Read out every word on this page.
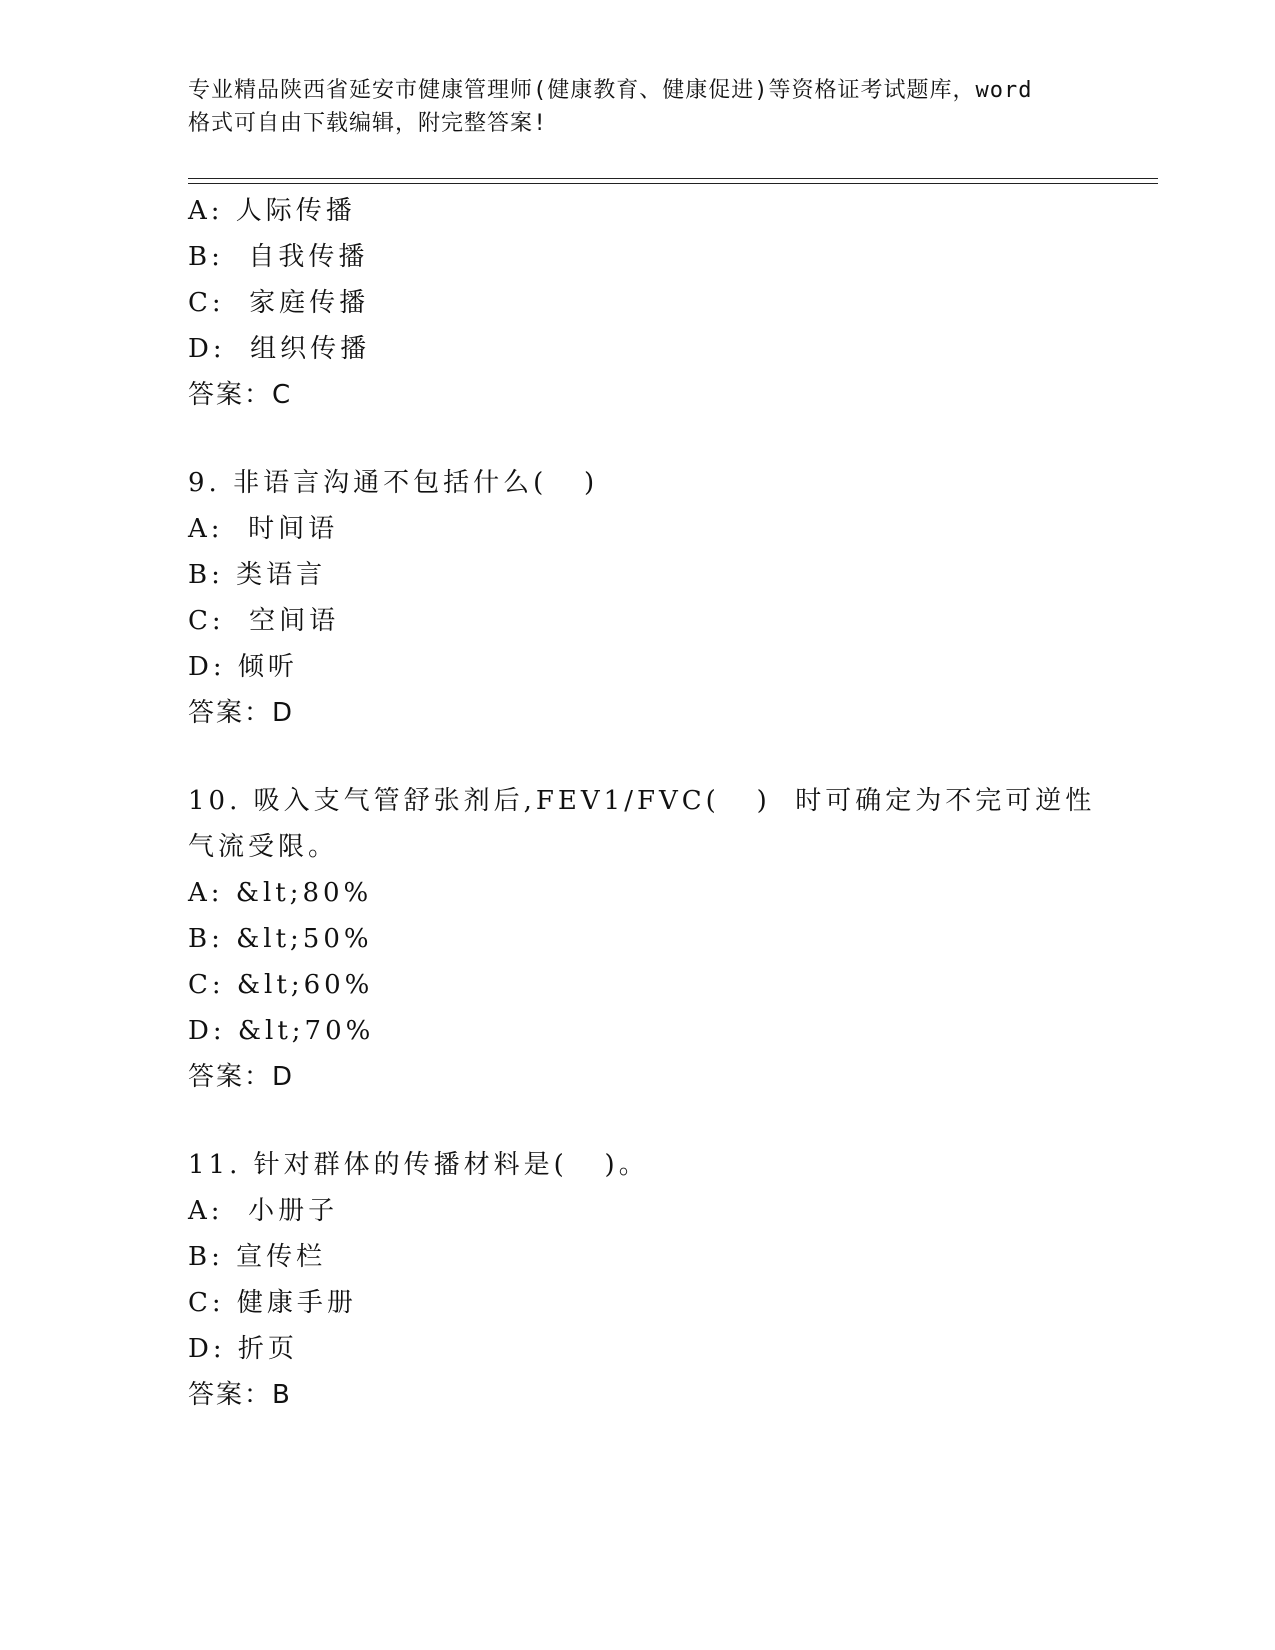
专业精品陕西省延安市健康管理师(健康教育、健康促进)等资格证考试题库，word
格式可自由下载编辑，附完整答案!
A: 人际传播
B:  自我传播
C:  家庭传播
D:  组织传播
答案：C
9. 非语言沟通不包括什么(   )
A:  时间语
B: 类语言
C:  空间语
D: 倾听
答案：D
10. 吸入支气管舒张剂后,FEV1/FVC(   )  时可确定为不完可逆性
气流受限。
A: &lt;80%
B: &lt;50%
C: &lt;60%
D: &lt;70%
答案：D
11. 针对群体的传播材料是(   )。
A:  小册子
B: 宣传栏
C: 健康手册
D: 折页
答案：B
